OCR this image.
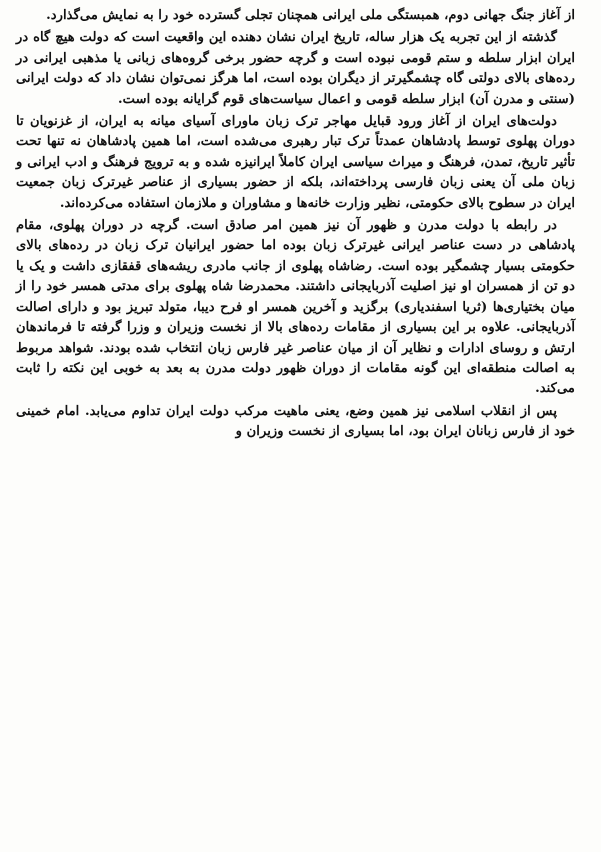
از آغاز جنگ جهانی دوم، همبستگی ملی ایرانی همچنان تجلی گسترده خود را به نمایش می‌گذارد.

گذشته از این تجربه یک هزار ساله، تاریخ ایران نشان دهنده این واقعیت است که دولت هیچ گاه در ایران ابزار سلطه و ستم قومی نبوده است و گرچه حضور برخی گروه‌های زبانی یا مذهبی ایرانی در رده‌های بالای دولتی گاه چشمگیرتر از دیگران بوده است، اما هرگز نمی‌توان نشان داد که دولت ایرانی (سنتی و مدرن آن) ابزار سلطه قومی و اعمال سیاست‌های قوم گرایانه بوده است.

دولت‌های ایران از آغاز ورود قبایل مهاجر ترک زبان ماورای آسیای میانه به ایران، از غزنویان تا دوران پهلوی توسط پادشاهان عمدتاً ترک تبار رهبری می‌شده است، اما همین پادشاهان نه تنها تحت تأثیر تاریخ، تمدن، فرهنگ و میراث سیاسی ایران کاملاً ایرانیزه شده و به ترویج فرهنگ و ادب ایرانی و زبان ملی آن یعنی زبان فارسی پرداخته‌اند، بلکه از حضور بسیاری از عناصر غیرترک زبان جمعیت ایران در سطوح بالای حکومتی، نظیر وزارت خانه‌ها و مشاوران و ملازمان استفاده می‌کرده‌اند.

در رابطه با دولت مدرن و ظهور آن نیز همین امر صادق است. گرچه در دوران پهلوی، مقام پادشاهی در دست عناصر ایرانی غیرترک زبان بوده اما حضور ایرانیان ترک زبان در رده‌های بالای حکومتی بسیار چشمگیر بوده است. رضاشاه پهلوی از جانب مادری ریشه‌های قفقازی داشت و یک یا دو تن از همسران او نیز اصلیت آذربایجانی داشتند. محمدرضا شاه پهلوی برای مدتی همسر خود را از میان بختیاری‌ها (ثریا اسفندیاری) برگزید و آخرین همسر او فرح دیبا، متولد تبریز بود و دارای اصالت آذربایجانی. علاوه بر این بسیاری از مقامات رده‌های بالا از نخست وزیران و وزرا گرفته تا فرماندهان ارتش و روسای ادارات و نظایر آن از میان عناصر غیر فارس زبان انتخاب شده بودند. شواهد مربوط به اصالت منطقه‌ای این گونه مقامات از دوران ظهور دولت مدرن به بعد به خوبی این نکته را ثابت می‌کند.

پس از انقلاب اسلامی نیز همین وضع، یعنی ماهیت مرکب دولت ایران تداوم می‌یابد. امام خمینی خود از فارس زبانان ایران بود، اما بسیاری از نخست وزیران و
